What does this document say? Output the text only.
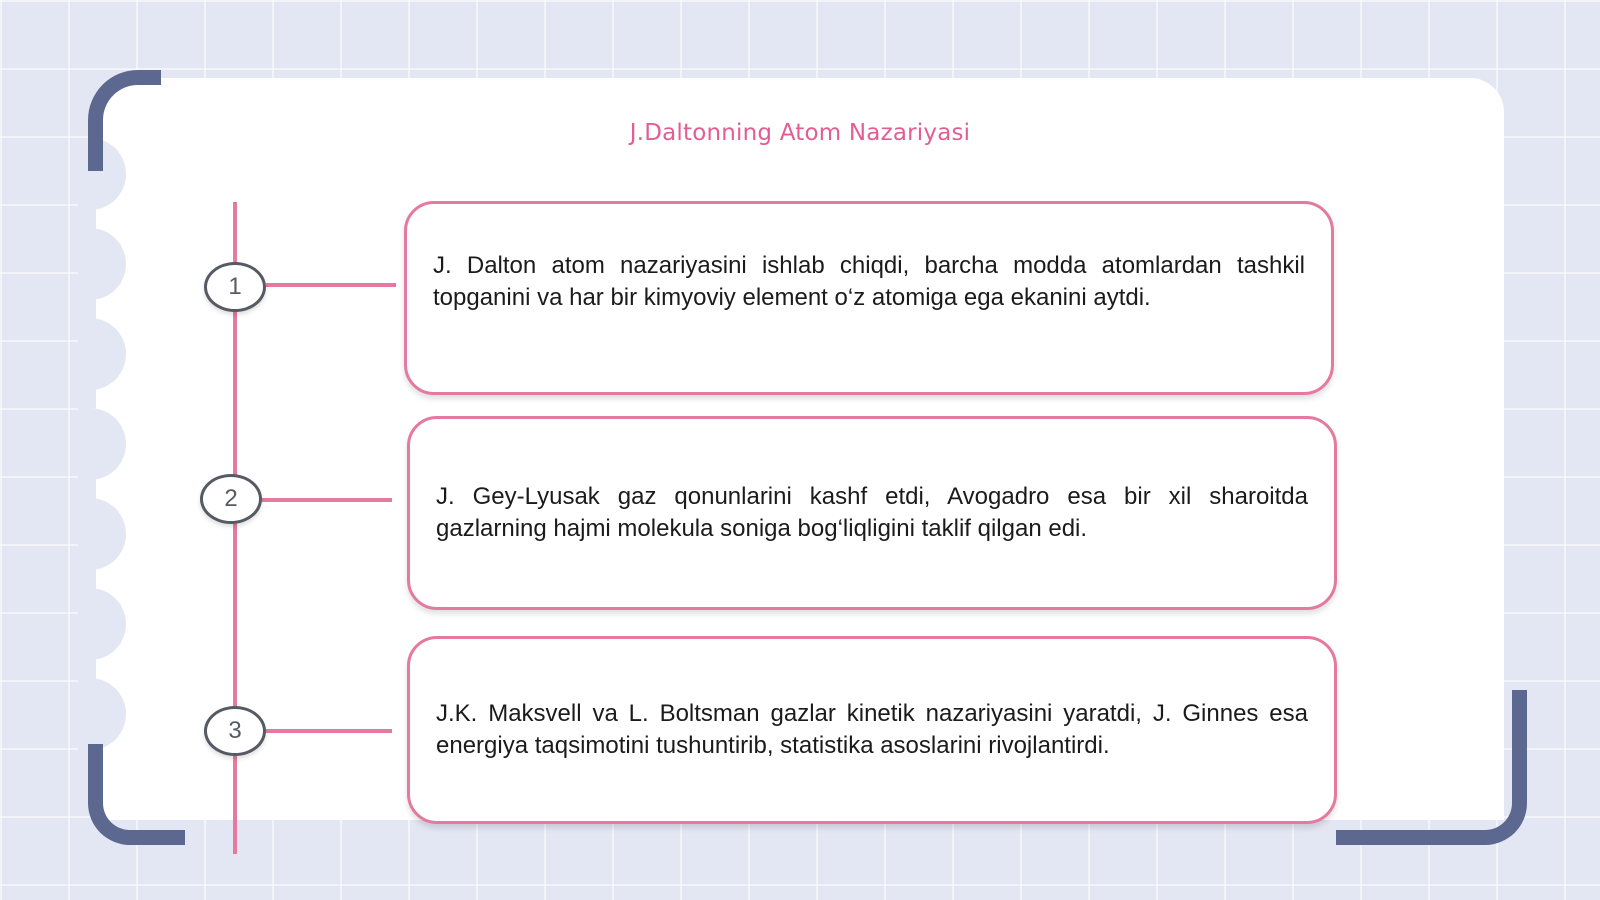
J.Daltonning Atom Nazariyasi
1

J. Dalton atom nazariyasini ishlab chiqdi, barcha modda atomlardan tashkil topganini va har bir kimyoviy element o‘z atomiga ega ekanini aytdi.

2	J. Gey-Lyusak gaz qonunlarini kashf etdi, Avogadro esa bir xil sharoitda gazlarning hajmi molekula soniga bog‘liqligini taklif qilgan edi.

3

J.K. Maksvell va L. Boltsman gazlar kinetik nazariyasini yaratdi, J. Ginnes esa energiya taqsimotini tushuntirib, statistika asoslarini rivojlantirdi.
